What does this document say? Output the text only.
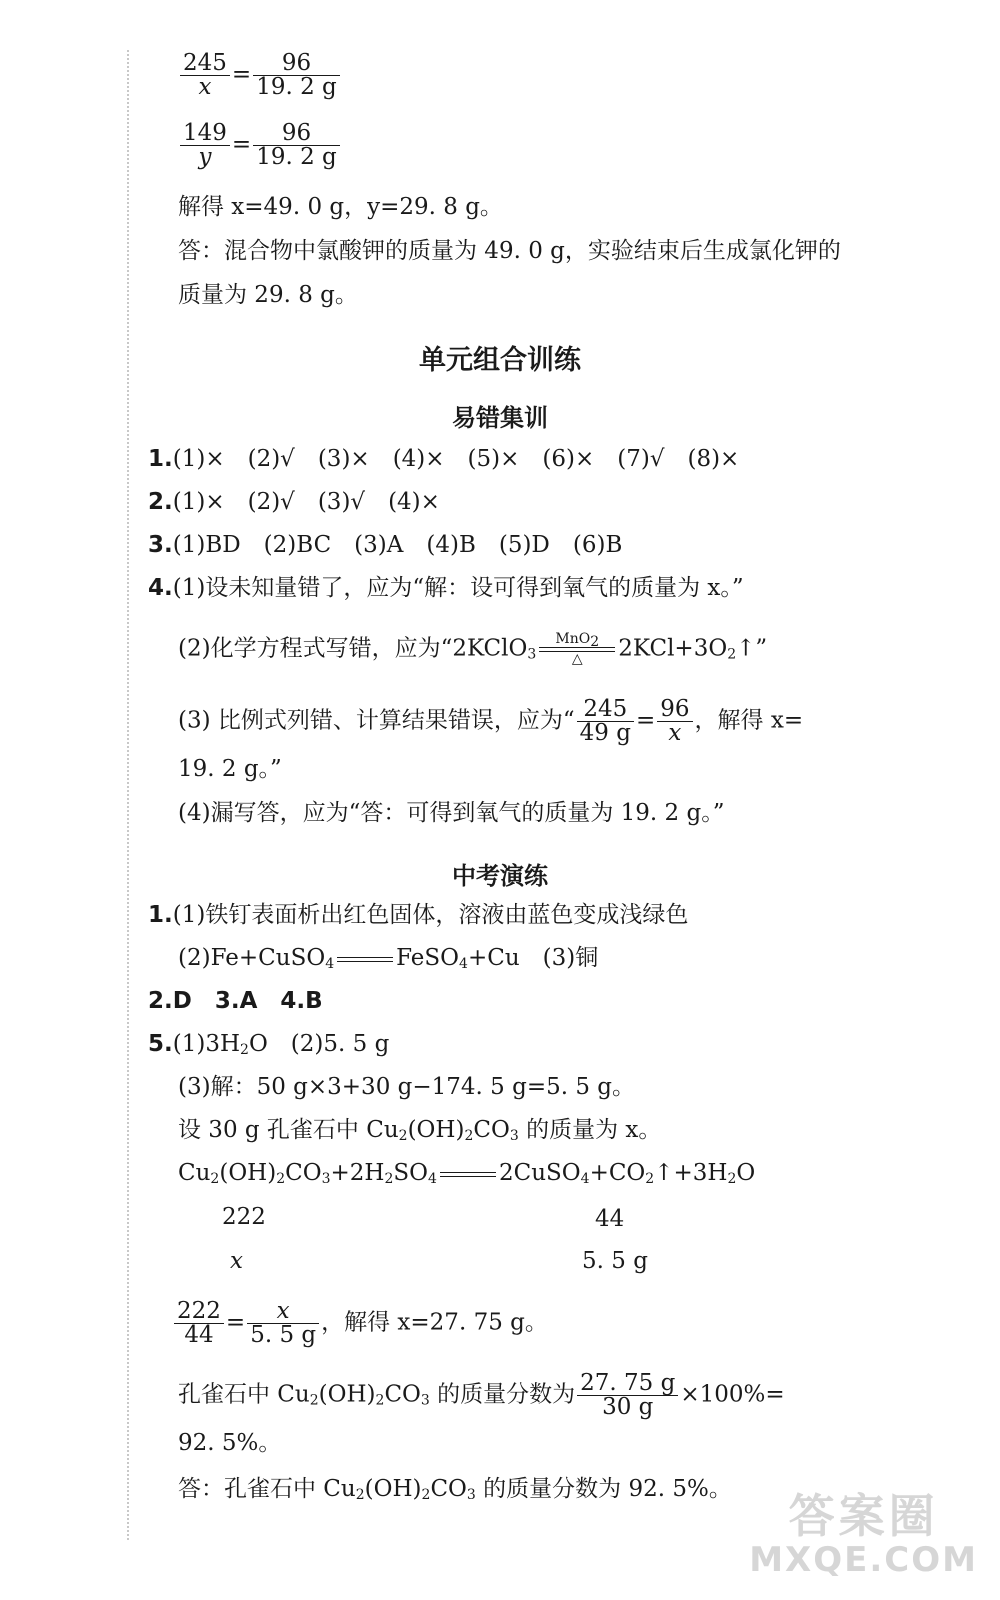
$\frac{245}{x} = \frac{96}{19. 2 g}$
$\frac{149}{y} = \frac{96}{19. 2 g}$
解得 x=49. 0 g，y=29. 8 g。
答：混合物中氯酸钾的质量为 49. 0 g，实验结束后生成氯化钾的
质量为 29. 8 g。
单元组合训练
易错集训
1.(1)×　(2)√　(3)×　(4)×　(5)×　(6)×　(7)√　(8)×
2.(1)×　(2)√　(3)√　(4)×
3.(1)BD　(2)BC　(3)A　(4)B　(5)D　(6)B
4.(1)设未知量错了，应为“解：设可得到氧气的质量为 x。”
(2)化学方程式写错，应为“2KClO$_3$
MnO$_2$
△	$2KCl+3O_2↑$”
(3) 比例式列错、计算结果错误，应为“ $\frac{245}{49 g} = \frac{96}{x}$ ，解得 x=
19. 2 g。”
(4)漏写答，应为“答：可得到氧气的质量为 19. 2 g。”
中考演练
1.(1)铁钉表面析出红色固体，溶液由蓝色变成浅绿色
(2)Fe+CuSO$_4$	FeSO$_4$+Cu　(3)铜
2.D　 3.A　 4.B
$5.(1)3H_2O$　(2)5. 5 g
(3)解：50 g×3+30 g−174. 5 g=5. 5 g。
设 30 g 孔雀石中 $Cu_2(OH)_2CO_3$ 的质量为 x。
$Cu_2(OH)_2CO_3+2H_2SO_4$	$2CuSO_4+CO_2↑+3H_2O$
222	44
x	5. 5 g
$\frac{222}{44} = \frac{x}{5. 5 g}$ ，解得 x=27. 75 g。
孔雀石中 $Cu_2(OH)_2CO_3$ 的质量分数为 $\frac{27. 75 g}{30 g} \times 100\%=$
92. 5%。
答：孔雀石中 $Cu_2(OH)_2CO_3$ 的质量分数为 92. 5%。	答案圈
MXQE.COM
